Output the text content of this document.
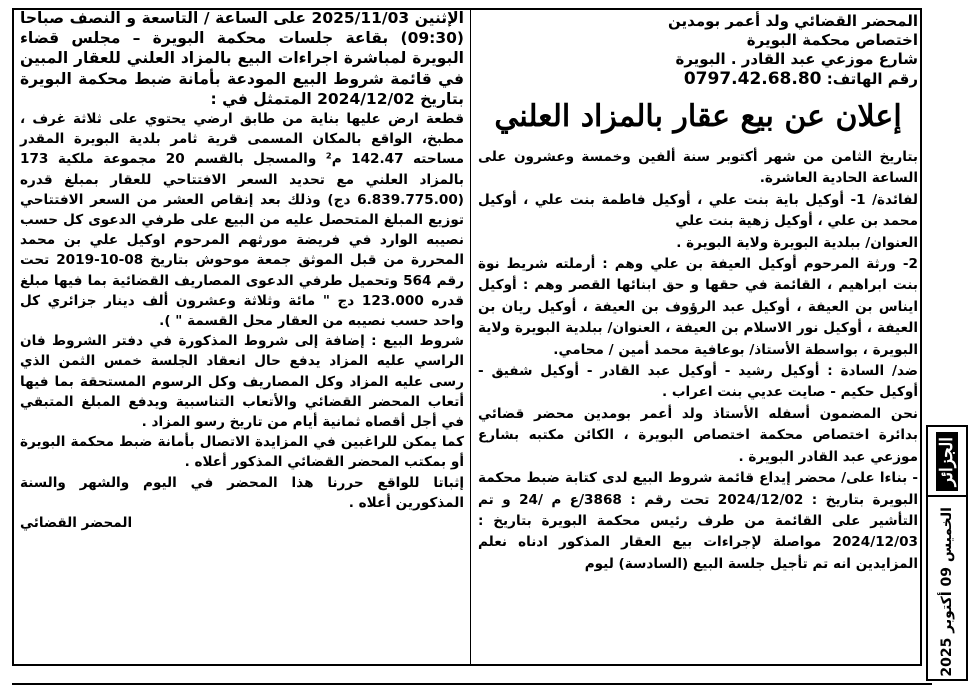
المحضر القضائي ولد أعمر بومدين
اختصاص محكمة البويرة
شارع موزعي عبد القادر . البويرة
رقم الهاتف: 0797.42.68.80
إعلان عن بيع عقار بالمزاد العلني

بتاريخ الثامن من شهر أكتوبر سنة ألفين وخمسة وعشرون على الساعة الحادية العاشرة.

لفائدة/ 1- أوكيل باية بنت علي ، أوكيل فاطمة بنت علي ، أوكيل محمد بن علي ، أوكيل زهية بنت علي

العنوان/ ببلدية البويرة ولاية البويرة .

2- ورثة المرحوم أوكيل العيفة بن علي وهم : أرملته شريط نوة بنت ابراهيم ، القائمة في حقها و حق ابنائها القصر وهم : أوكيل ايناس بن العيفة ، أوكيل عبد الرؤوف بن العيفة ، أوكيل ريان بن العيفة ، أوكيل نور الاسلام بن العيفة ، العنوان/ ببلدية البويرة ولاية البويرة ، بواسطة الأستاذ/ بوعافية محمد أمين / محامي.

ضد/ السادة : أوكيل رشيد - أوكيل عبد القادر - أوكيل شفيق - أوكيل حكيم - صايت عديي بنت اعراب .

نحن المضمون أسفله الأستاذ ولد أعمر بومدين محضر قضائي بدائرة اختصاص محكمة اختصاص البويرة ، الكائن مكتبه بشارع موزعي عبد القادر البويرة .

- بناءا على/ محضر إيداع قائمة شروط البيع لدى كتابة ضبط محكمة البويرة بتاريخ : 2024/12/02 تحت رقم : 3868/ع م /24 و تم التأشير على القائمة من طرف رئيس محكمة البويرة بتاريخ : 2024/12/03 مواصلة لإجراءات بيع العقار المذكور ادناه نعلم المزايدين انه تم تأجيل جلسة البيع (السادسة) ليوم

الإثنين 2025/11/03 على الساعة / التاسعة و النصف صباحا (09:30) بقاعة جلسات محكمة البويرة – مجلس قضاء البويرة لمباشرة اجراءات البيع بالمزاد العلني للعقار المبين في قائمة شروط البيع المودعة بأمانة ضبط محكمة البويرة بتاريخ 2024/12/02 المتمثل في :

قطعة ارض عليها بناية من طابق ارضي يحتوي على ثلاثة غرف ، مطبخ، الواقع بالمكان المسمى قرية ثامر بلدية البويرة المقدر مساحته 142.47 م² والمسجل بالقسم 20 مجموعة ملكية 173 بالمزاد العلني مع تحديد السعر الافتتاحي للعقار بمبلغ قدره (6.839.775.00 دج) وذلك بعد إنقاص العشر من السعر الافتتاحي توزيع المبلغ المتحصل عليه من البيع على طرفي الدعوى كل حسب نصيبه الوارد في فريضة مورثهم المرحوم اوكيل علي بن محمد المحررة من قبل الموثق جمعة موحوش بتاريخ 08-10-2019 تحت رقم 564 وتحميل طرفي الدعوى المصاريف القضائية بما فيها مبلغ قدره 123.000 دج " مائة وثلاثة وعشرون ألف دينار جزائري كل واحد حسب نصيبه من العقار محل القسمة " ).

شروط البيع : إضافة إلى شروط المذكورة في دفتر الشروط فان الراسي عليه المزاد يدفع حال انعقاد الجلسة خمس الثمن الذي رسى عليه المزاد وكل المصاريف وكل الرسوم المستحقة بما فيها أتعاب المحضر القضائي والأتعاب التناسبية ويدفع المبلغ المتبقي في أجل أقصاه ثمانية أيام من تاريخ رسو المزاد .

كما يمكن للراغبين في المزايدة الاتصال بأمانة ضبط محكمة البويرة أو بمكتب المحضر القضائي المذكور أعلاه .

إثباتا للواقع حررنا هذا المحضر في اليوم والشهر والسنة المذكورين أعلاه .
المحضر القضائي
الجزائر
الخميس 09 أكتوبر 2025
